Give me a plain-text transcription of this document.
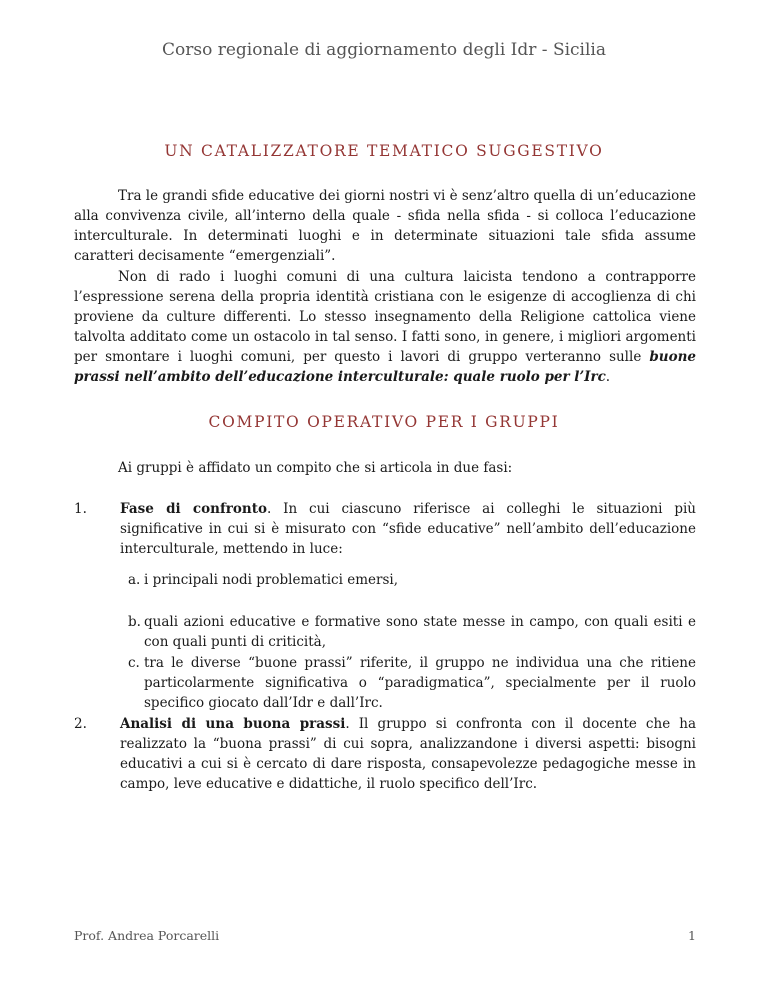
Corso regionale di aggiornamento degli Idr - Sicilia
UN CATALIZZATORE TEMATICO SUGGESTIVO

Tra le grandi sfide educative dei giorni nostri vi è senz’altro quella di un’educazione alla convivenza civile, all’interno della quale - sfida nella sfida - si colloca l’educazione interculturale. In determinati luoghi e in determinate situazioni tale sfida assume caratteri decisamente “emergenziali”.

Non di rado i luoghi comuni di una cultura laicista tendono a contrapporre l’espressione serena della propria identità cristiana con le esigenze di accoglienza di chi proviene da culture differenti. Lo stesso insegnamento della Religione cattolica viene talvolta additato come un ostacolo in tal senso. I fatti sono, in genere, i migliori argomenti per smontare i luoghi comuni, per questo i lavori di gruppo verteranno sulle buone prassi nell’ambito dell’educazione interculturale: quale ruolo per l’Irc.

COMPITO OPERATIVO PER I GRUPPI

Ai gruppi è affidato un compito che si articola in due fasi:

1.	Fase di confronto. In cui ciascuno riferisce ai colleghi le situazioni più significative in cui si è misurato con “sfide educative” nell’ambito dell’educazione interculturale, mettendo in luce:
a. i principali nodi problematici emersi,
b. quali azioni educative e formative sono state messe in campo, con quali esiti e con quali punti di criticità,
c. tra le diverse “buone prassi” riferite, il gruppo ne individua una che ritiene particolarmente significativa o “paradigmatica”, specialmente per il ruolo specifico giocato dall’Idr e dall’Irc.
2.	Analisi di una buona prassi. Il gruppo si confronta con il docente che ha realizzato la “buona prassi” di cui sopra, analizzandone i diversi aspetti: bisogni educativi a cui si è cercato di dare risposta, consapevolezze pedagogiche messe in campo, leve educative e didattiche, il ruolo specifico dell’Irc.
Prof. Andrea Porcarelli	1
